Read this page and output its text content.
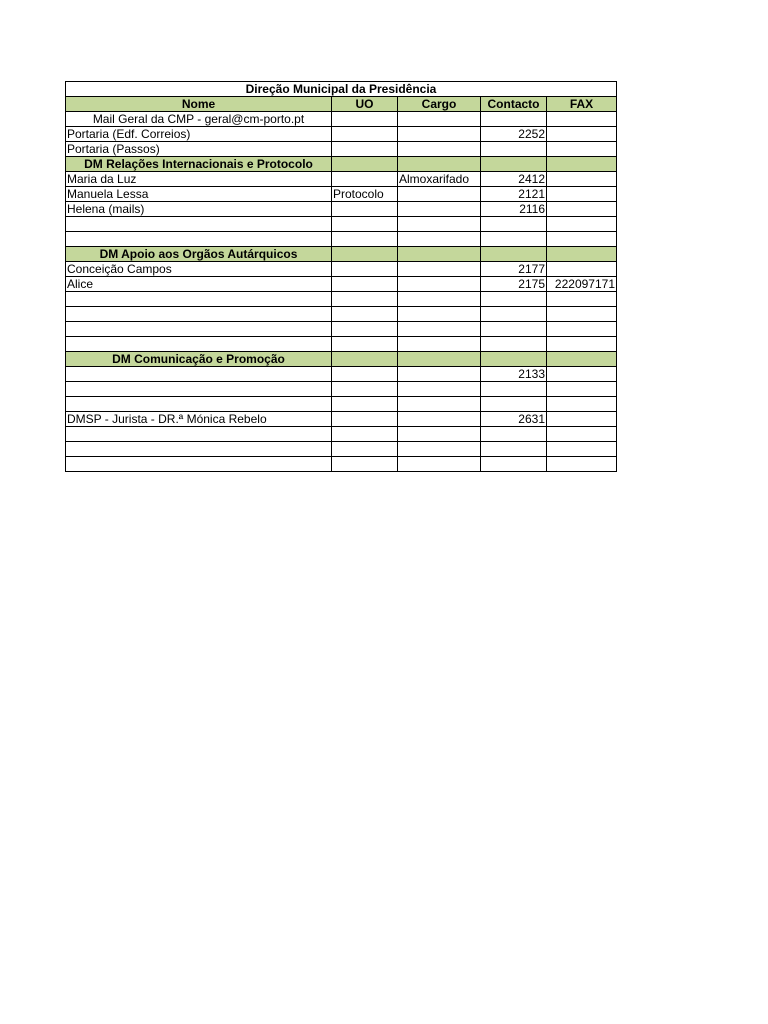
Direção Municipal da Presidência				
Nome	UO	Cargo	Contacto	FAX
Mail Geral da CMP - geral@cm-porto.pt				
Portaria (Edf. Correios)			2252	
Portaria (Passos)				
DM Relações Internacionais e Protocolo				
Maria da Luz		Almoxarifado	2412	
Manuela Lessa	Protocolo		2121	
Helena (mails)			2116	

DM Apoio aos Orgãos Autárquicos				
Conceição Campos			2177	
Alice			2175	222097171

DM Comunicação e Promoção				
			2133	

DMSP - Jurista - DR.ª Mónica Rebelo			2631	
